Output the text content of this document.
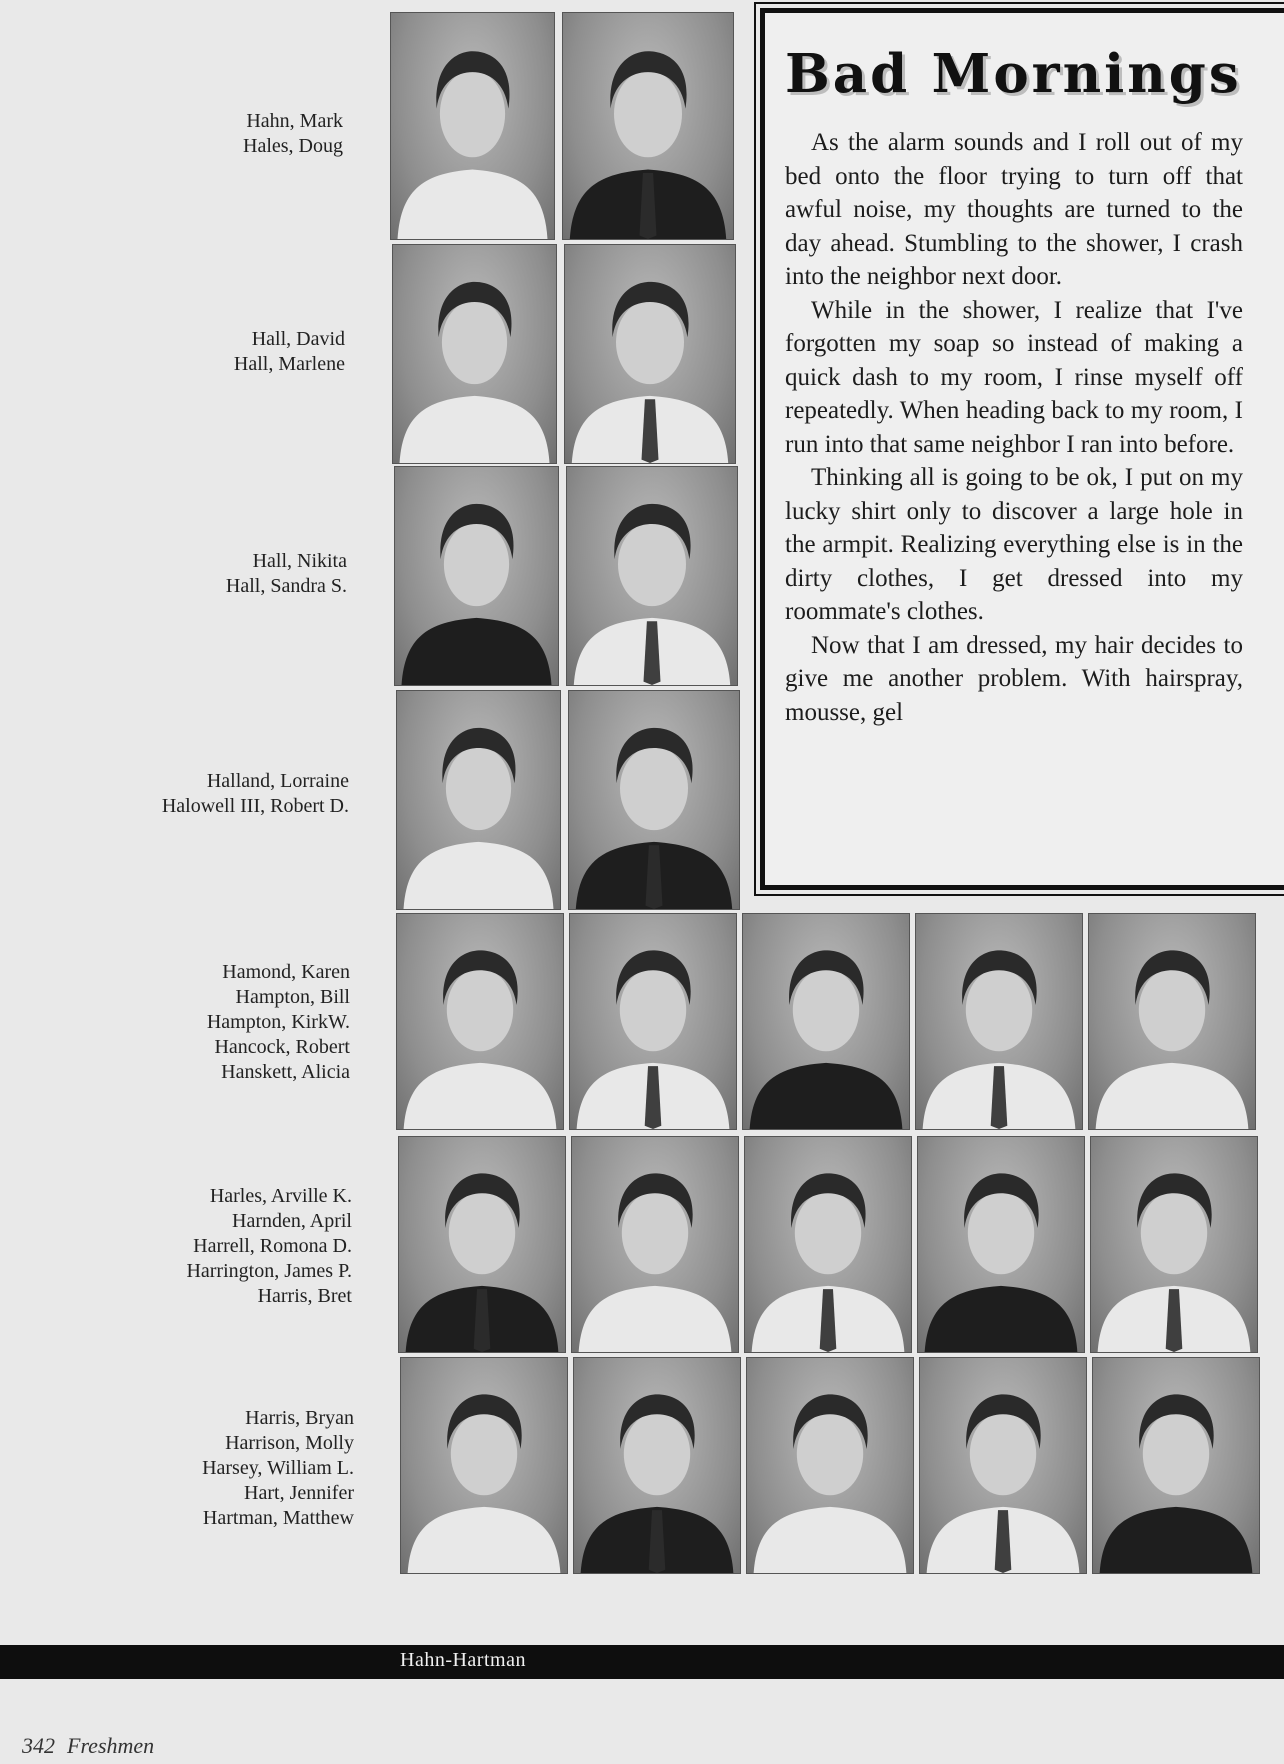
Hahn, Mark
Hales, Doug
Hall, David
Hall, Marlene
Hall, Nikita
Hall, Sandra S.
Halland, Lorraine
Halowell III, Robert D.
Hamond, Karen
Hampton, Bill
Hampton, KirkW.
Hancock, Robert
Hanskett, Alicia
Harles, Arville K.
Harnden, April
Harrell, Romona D.
Harrington, James P.
Harris, Bret
Harris, Bryan
Harrison, Molly
Harsey, William L.
Hart, Jennifer
Hartman, Matthew
Bad Mornings

As the alarm sounds and I roll out of my bed onto the floor trying to turn off that awful noise, my thoughts are turned to the day ahead. Stumbling to the shower, I crash into the neighbor next door.

While in the shower, I realize that I've forgotten my soap so instead of making a quick dash to my room, I rinse myself off repeatedly. When heading back to my room, I run into that same neighbor I ran into before.

Thinking all is going to be ok, I put on my lucky shirt only to discover a large hole in the armpit. Realizing everything else is in the dirty clothes, I get dressed into my roommate's clothes.

Now that I am dressed, my hair decides to give me another problem. With hairspray, mousse, gel

Hahn-Hartman
342 Freshmen
